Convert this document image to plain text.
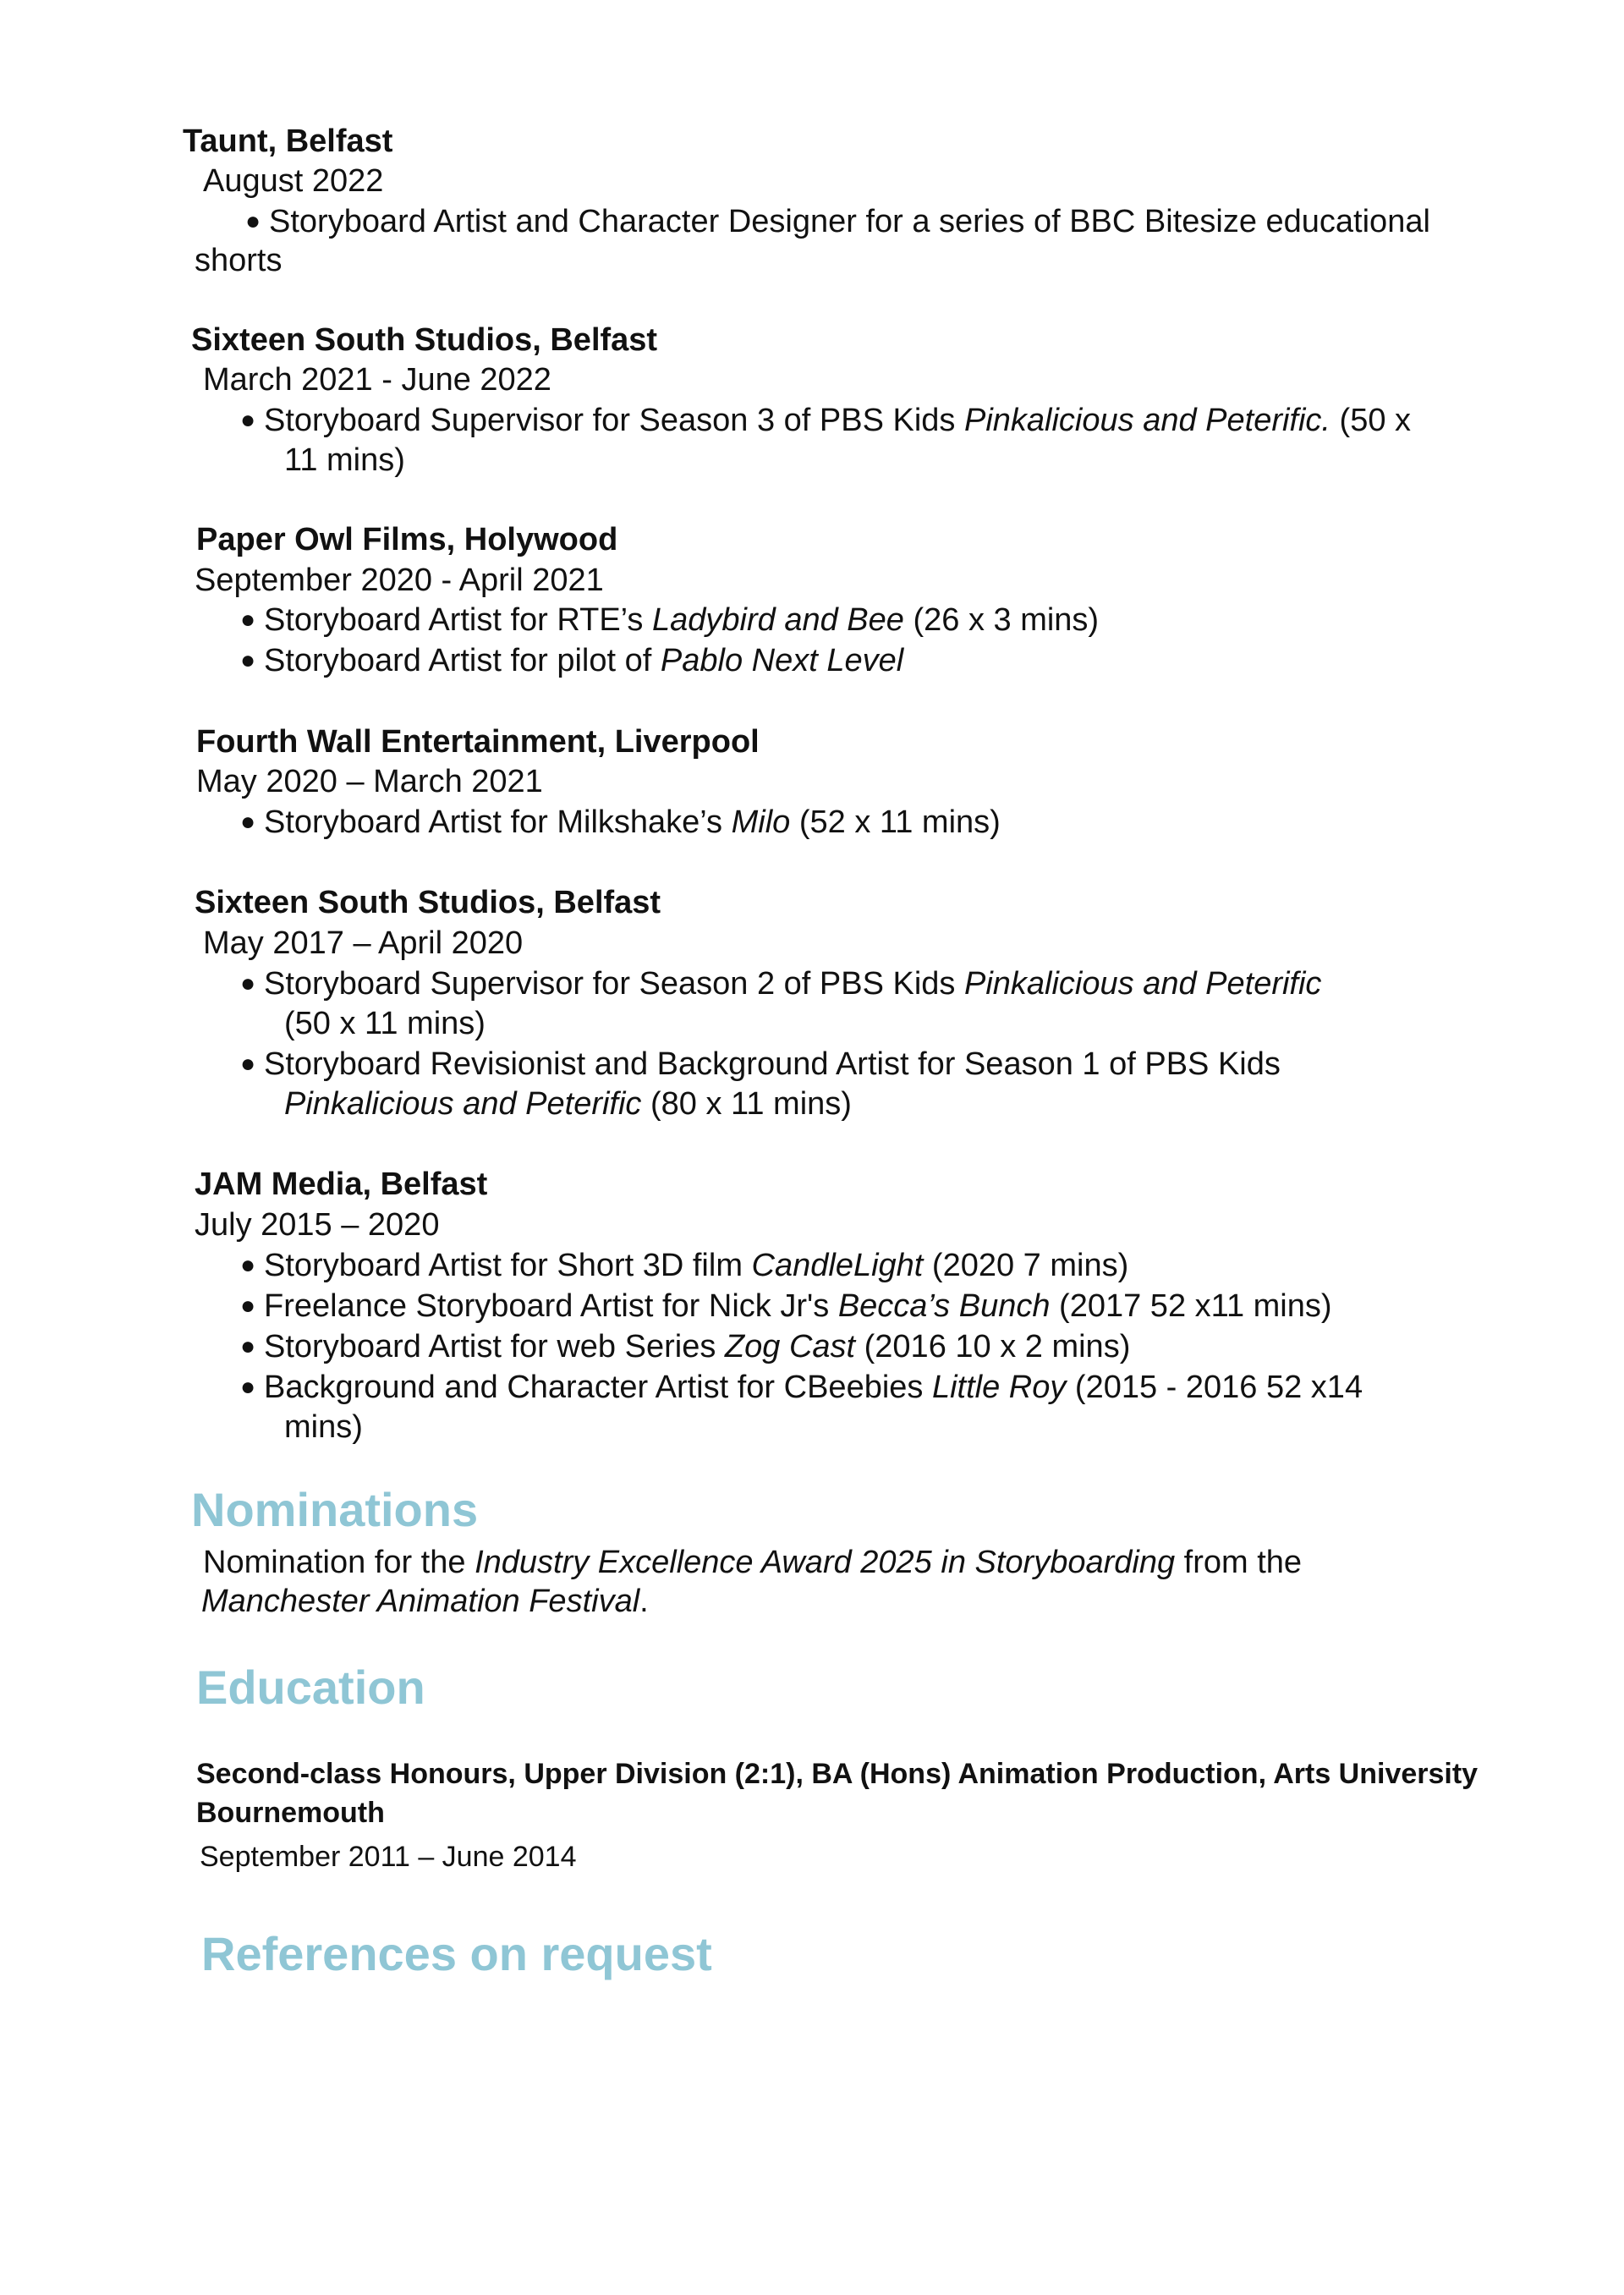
Taunt, Belfast
August 2022
● Storyboard Artist and Character Designer for a series of BBC Bitesize educational
shorts
Sixteen South Studios, Belfast
March 2021 - June 2022
● Storyboard Supervisor for Season 3 of PBS Kids Pinkalicious and Peterific. (50 x
11 mins)
Paper Owl Films, Holywood
September 2020 - April 2021
● Storyboard Artist for RTE’s Ladybird and Bee (26 x 3 mins)
● Storyboard Artist for pilot of Pablo Next Level
Fourth Wall Entertainment, Liverpool
May 2020 – March 2021
● Storyboard Artist for Milkshake’s Milo (52 x 11 mins)
Sixteen South Studios, Belfast
May 2017 – April 2020
● Storyboard Supervisor for Season 2 of PBS Kids Pinkalicious and Peterific
(50 x 11 mins)
● Storyboard Revisionist and Background Artist for Season 1 of PBS Kids
Pinkalicious and Peterific (80 x 11 mins)
JAM Media, Belfast
July 2015 – 2020
● Storyboard Artist for Short 3D film CandleLight (2020 7 mins)
● Freelance Storyboard Artist for Nick Jr's Becca’s Bunch (2017 52 x11 mins)
● Storyboard Artist for web Series Zog Cast (2016 10 x 2 mins)
● Background and Character Artist for CBeebies Little Roy (2015 - 2016 52 x14
mins)
Nominations
Nomination for the Industry Excellence Award 2025 in Storyboarding from the
Manchester Animation Festival.
Education
Second-class Honours, Upper Division (2:1), BA (Hons) Animation Production, Arts University
Bournemouth
September 2011 – June 2014
References on request
